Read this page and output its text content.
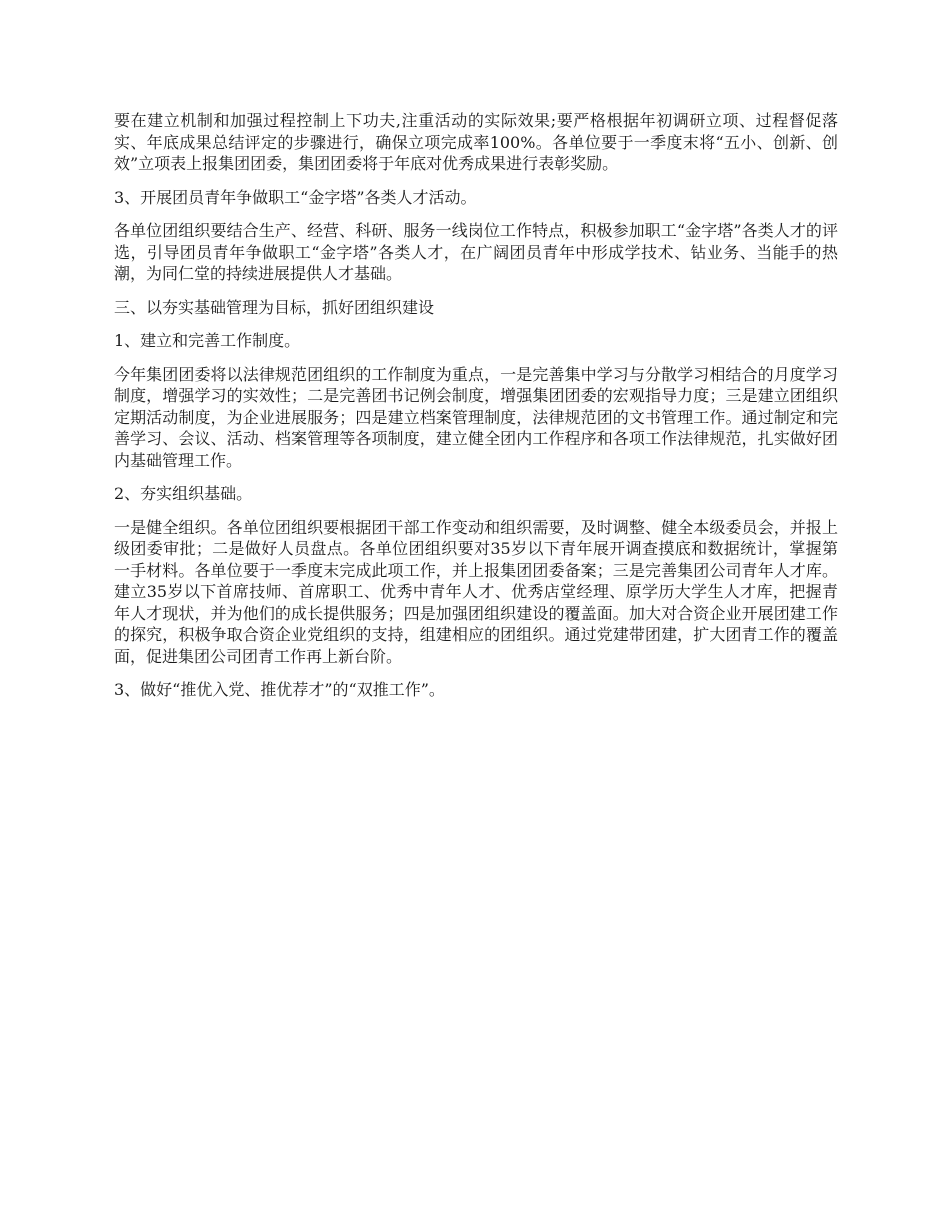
要在建立机制和加强过程控制上下功夫,注重活动的实际效果;要严格根据年初调研立项、过程督促落实、年底成果总结评定的步骤进行，确保立项完成率100%。各单位要于一季度末将“五小、创新、创效”立项表上报集团团委，集团团委将于年底对优秀成果进行表彰奖励。

3、开展团员青年争做职工“金字塔”各类人才活动。

各单位团组织要结合生产、经营、科研、服务一线岗位工作特点，积极参加职工“金字塔”各类人才的评选，引导团员青年争做职工“金字塔”各类人才，在广阔团员青年中形成学技术、钻业务、当能手的热潮，为同仁堂的持续进展提供人才基础。

三、以夯实基础管理为目标，抓好团组织建设

1、建立和完善工作制度。

今年集团团委将以法律规范团组织的工作制度为重点，一是完善集中学习与分散学习相结合的月度学习制度，增强学习的实效性；二是完善团书记例会制度，增强集团团委的宏观指导力度；三是建立团组织定期活动制度，为企业进展服务；四是建立档案管理制度，法律规范团的文书管理工作。通过制定和完善学习、会议、活动、档案管理等各项制度，建立健全团内工作程序和各项工作法律规范，扎实做好团内基础管理工作。

2、夯实组织基础。

一是健全组织。各单位团组织要根据团干部工作变动和组织需要，及时调整、健全本级委员会，并报上级团委审批；二是做好人员盘点。各单位团组织要对35岁以下青年展开调查摸底和数据统计，掌握第一手材料。各单位要于一季度末完成此项工作，并上报集团团委备案；三是完善集团公司青年人才库。建立35岁以下首席技师、首席职工、优秀中青年人才、优秀店堂经理、原学历大学生人才库，把握青年人才现状，并为他们的成长提供服务；四是加强团组织建设的覆盖面。加大对合资企业开展团建工作的探究，积极争取合资企业党组织的支持，组建相应的团组织。通过党建带团建，扩大团青工作的覆盖面，促进集团公司团青工作再上新台阶。

3、做好“推优入党、推优荐才”的“双推工作”。
